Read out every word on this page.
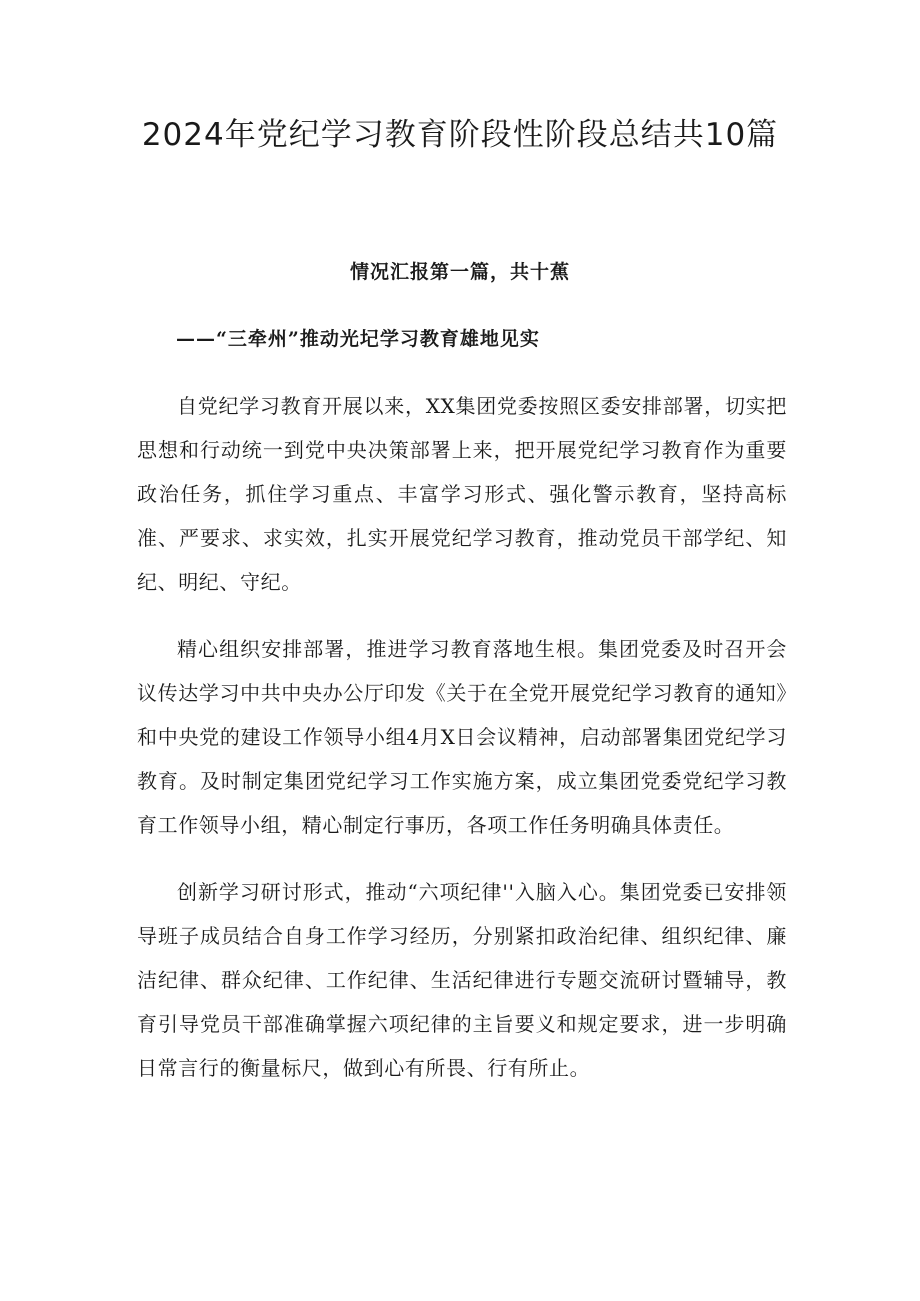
2024年党纪学习教育阶段性阶段总结共10篇
情况汇报第一篇，共十蕉
——“三牵州”推动光圮学习教育雄地见实

自党纪学习教育开展以来，XX集团党委按照区委安排部署，切实把思想和行动统一到党中央决策部署上来，把开展党纪学习教育作为重要政治任务，抓住学习重点、丰富学习形式、强化警示教育，坚持高标准、严要求、求实效，扎实开展党纪学习教育，推动党员干部学纪、知纪、明纪、守纪。

精心组织安排部署，推进学习教育落地生根。集团党委及时召开会议传达学习中共中央办公厅印发《关于在全党开展党纪学习教育的通知》和中央党的建设工作领导小组4月X日会议精神，启动部署集团党纪学习教育。及时制定集团党纪学习工作实施方案，成立集团党委党纪学习教育工作领导小组，精心制定行事历，各项工作任务明确具体责任。

创新学习研讨形式，推动“六项纪律''入脑入心。集团党委已安排领导班子成员结合自身工作学习经历，分别紧扣政治纪律、组织纪律、廉洁纪律、群众纪律、工作纪律、生活纪律进行专题交流研讨暨辅导，教育引导党员干部准确掌握六项纪律的主旨要义和规定要求，进一步明确日常言行的衡量标尺，做到心有所畏、行有所止。
